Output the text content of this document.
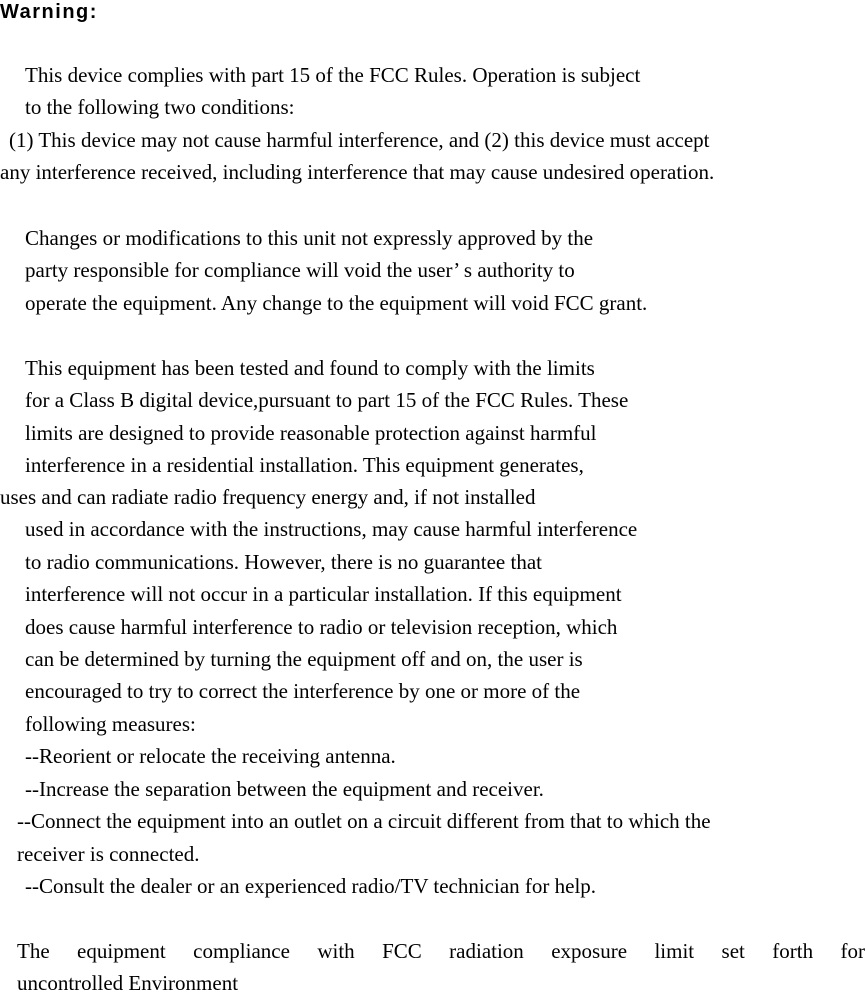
Warning:

This device complies with part 15 of the FCC Rules. Operation is subject

to the following two conditions:

(1) This device may not cause harmful interference, and (2) this device must accept

any interference received, including interference that may cause undesired operation.

Changes or modifications to this unit not expressly approved by the

party responsible for compliance will void the user’ s authority to

operate the equipment. Any change to the equipment will void FCC grant.

This equipment has been tested and found to comply with the limits

for a Class B digital device,pursuant to part 15 of the FCC Rules. These

limits are designed to provide reasonable protection against harmful

interference in a residential installation. This equipment generates,

uses and can radiate radio frequency energy and, if not installed

used in accordance with the instructions, may cause harmful interference

to radio communications. However, there is no guarantee that

interference will not occur in a particular installation. If this equipment

does cause harmful interference to radio or television reception, which

can be determined by turning the equipment off and on, the user is

encouraged to try to correct the interference by one or more of the

following measures:

--Reorient or relocate the receiving antenna.

--Increase the separation between the equipment and receiver.

--Connect the equipment into an outlet on a circuit different from that to which the

receiver is connected.

--Consult the dealer or an experienced radio/TV technician for help.

The equipment compliance with FCC radiation exposure limit set forth for

uncontrolled Environment
